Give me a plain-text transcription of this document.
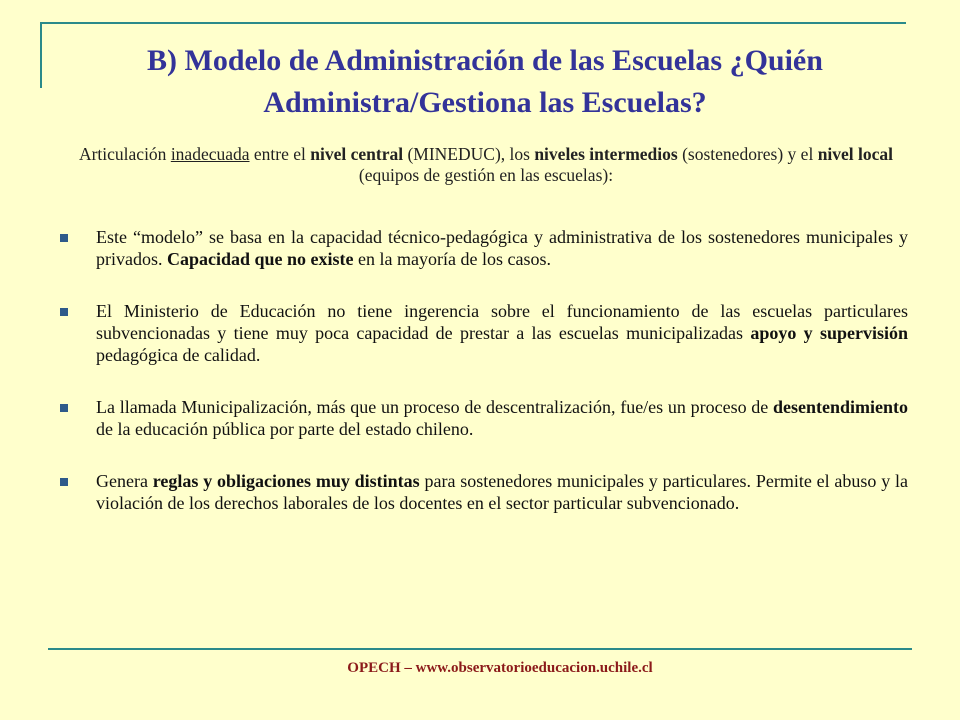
B) Modelo de Administración de las Escuelas ¿Quién Administra/Gestiona las Escuelas?
Articulación inadecuada entre el nivel central (MINEDUC), los niveles intermedios (sostenedores) y el nivel local (equipos de gestión en las escuelas):
Este “modelo” se basa en la capacidad técnico-pedagógica y administrativa de los sostenedores municipales y privados. Capacidad que no existe en la mayoría de los casos.
El Ministerio de Educación no tiene ingerencia sobre el funcionamiento de las escuelas particulares subvencionadas y tiene muy poca capacidad de prestar a las escuelas municipalizadas apoyo y supervisión pedagógica de calidad.
La llamada Municipalización, más que un proceso de descentralización, fue/es un proceso de desentendimiento de la educación pública por parte del estado chileno.
Genera reglas y obligaciones muy distintas para sostenedores municipales y particulares. Permite el abuso y la violación de los derechos laborales de los docentes en el sector particular subvencionado.
OPECH – www.observatorioeducacion.uchile.cl
